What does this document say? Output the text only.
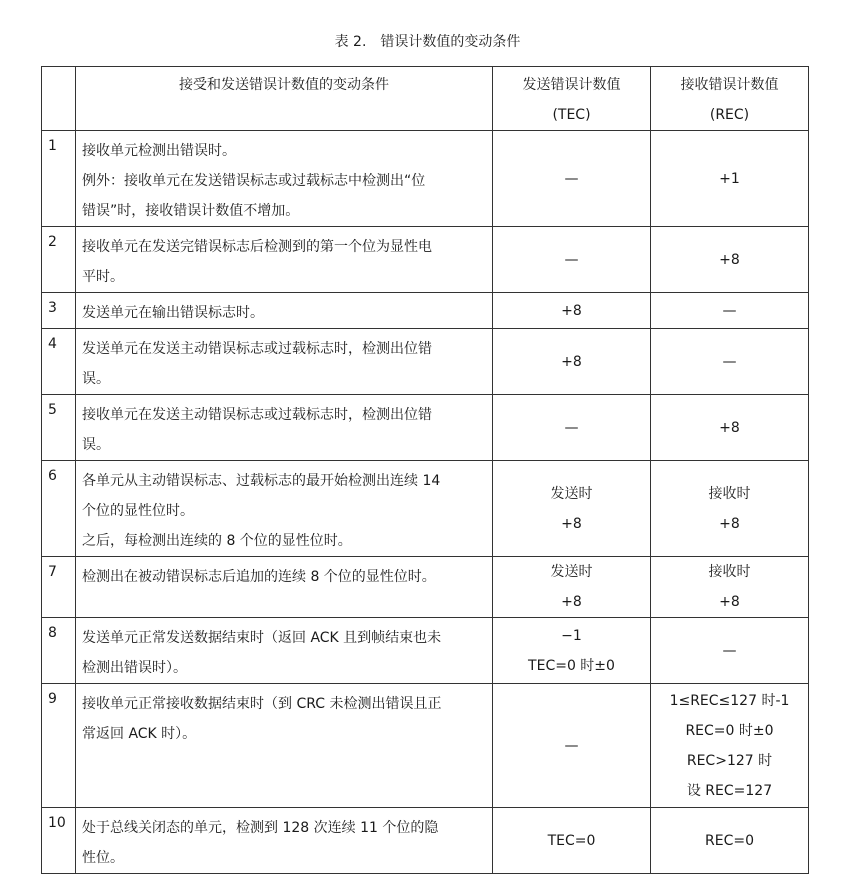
表 2. 错误计数值的变动条件

	接受和发送错误计数值的变动条件	发送错误计数值
(TEC)	接收错误计数值
(REC)

1	接收单元检测出错误时。
例外：接收单元在发送错误标志或过载标志中检测出“位
错误”时，接收错误计数值不增加。	—	+1

2	接收单元在发送完错误标志后检测到的第一个位为显性电
平时。	—	+8

3	发送单元在输出错误标志时。	+8	—

4	发送单元在发送主动错误标志或过载标志时，检测出位错
误。	+8	—

5	接收单元在发送主动错误标志或过载标志时，检测出位错
误。	—	+8

6	各单元从主动错误标志、过载标志的最开始检测出连续 14
个位的显性位时。
之后，每检测出连续的 8 个位的显性位时。	发送时
+8	接收时
+8

7	检测出在被动错误标志后追加的连续 8 个位的显性位时。	发送时
+8	接收时
+8

8	发送单元正常发送数据结束时（返回 ACK 且到帧结束也未
检测出错误时）。	−1
TEC=0 时±0	—

9	接收单元正常接收数据结束时（到 CRC 未检测出错误且正
常返回 ACK 时）。	—	1≤REC≤127 时-1
REC=0 时±0
REC>127 时
设 REC=127

10	处于总线关闭态的单元，检测到 128 次连续 11 个位的隐
性位。	TEC=0	REC=0
